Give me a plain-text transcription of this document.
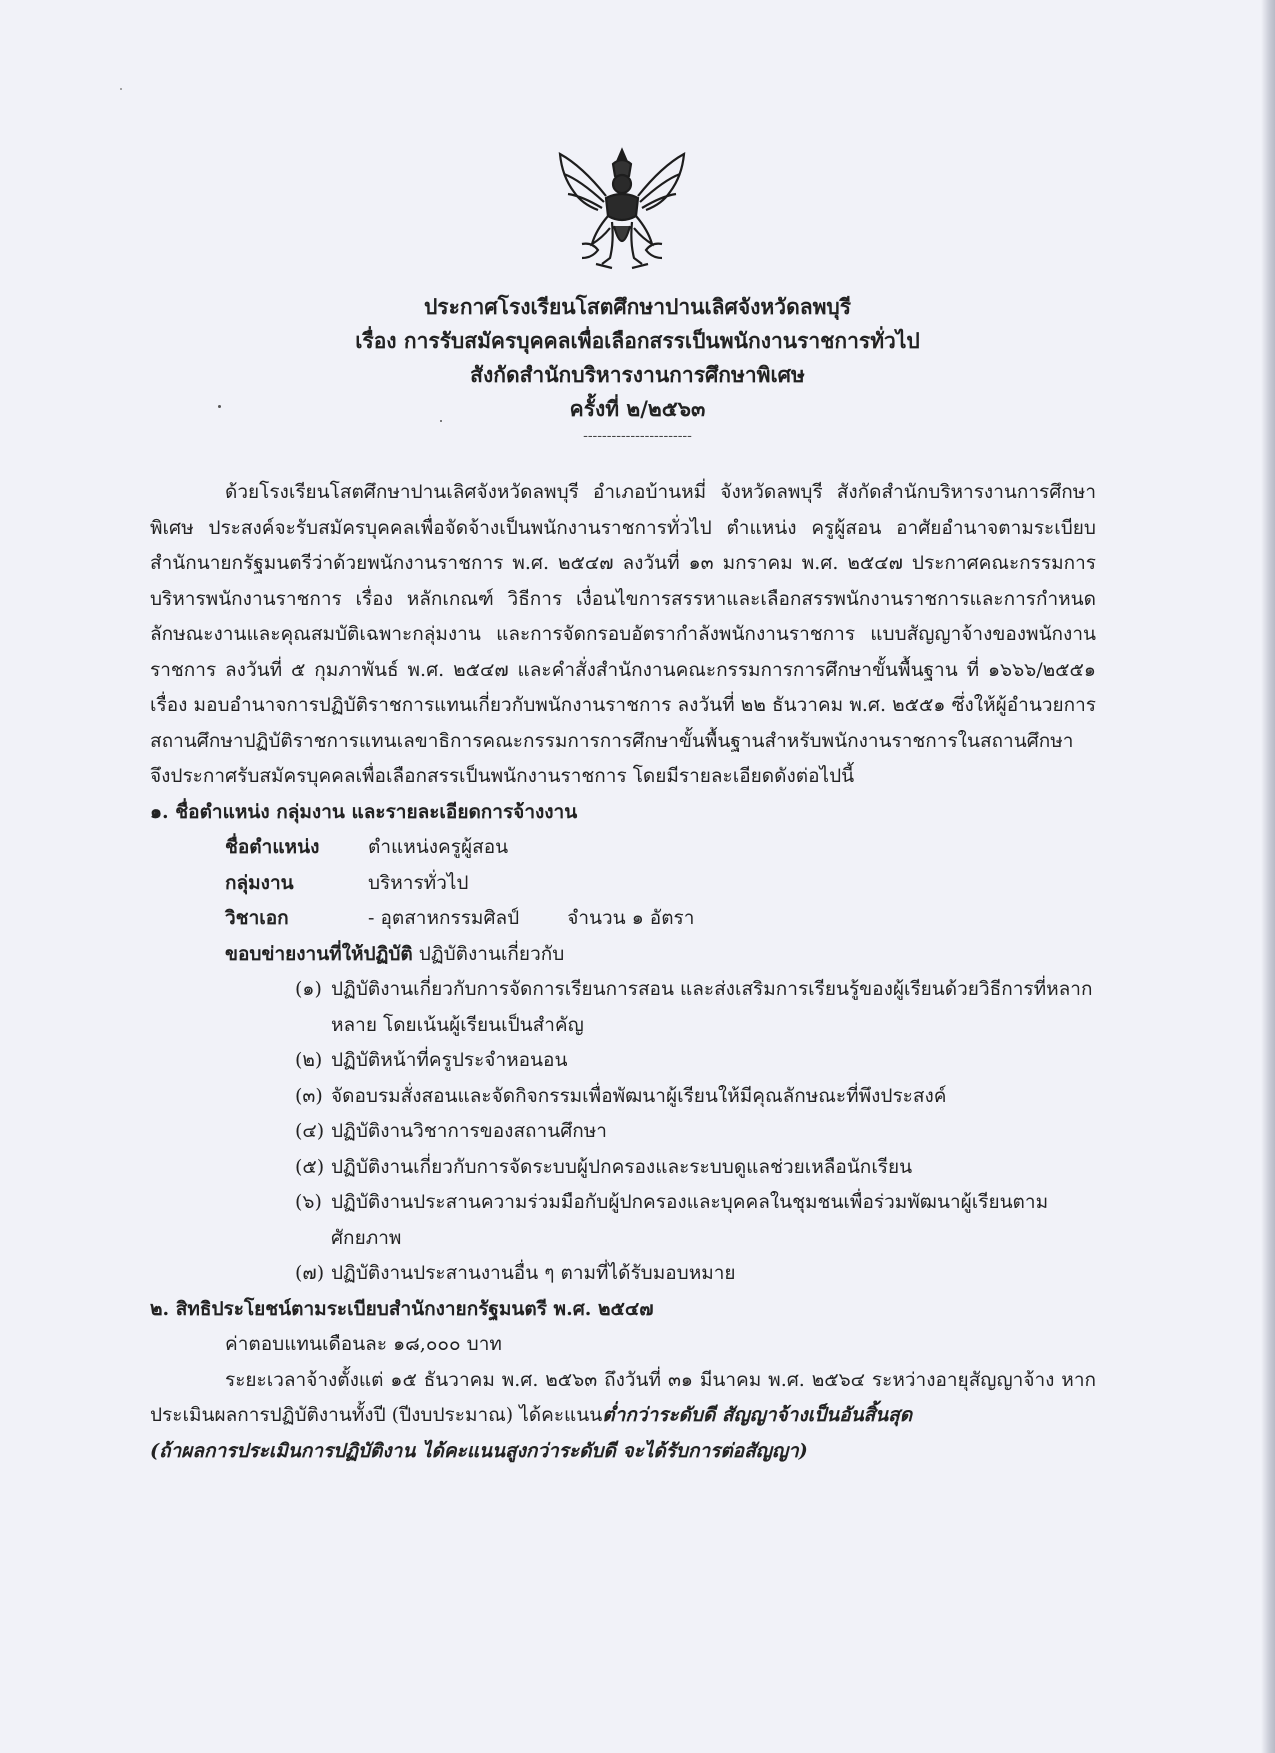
ประกาศโรงเรียนโสตศึกษาปานเลิศจังหวัดลพบุรี
เรื่อง การรับสมัครบุคคลเพื่อเลือกสรรเป็นพนักงานราชการทั่วไป
สังกัดสำนักบริหารงานการศึกษาพิเศษ
ครั้งที่ ๒/๒๕๖๓
-----------------------

ด้วยโรงเรียนโสตศึกษาปานเลิศจังหวัดลพบุรี อำเภอบ้านหมี่ จังหวัดลพบุรี สังกัดสำนักบริหารงานการศึกษาพิเศษ ประสงค์จะรับสมัครบุคคลเพื่อจัดจ้างเป็นพนักงานราชการทั่วไป ตำแหน่ง ครูผู้สอน อาศัยอำนาจตามระเบียบสำนักนายกรัฐมนตรีว่าด้วยพนักงานราชการ พ.ศ. ๒๕๔๗ ลงวันที่ ๑๓ มกราคม พ.ศ. ๒๕๔๗ ประกาศคณะกรรมการบริหารพนักงานราชการ เรื่อง หลักเกณฑ์ วิธีการ เงื่อนไขการสรรหาและเลือกสรรพนักงานราชการและการกำหนดลักษณะงานและคุณสมบัติเฉพาะกลุ่มงาน และการจัดกรอบอัตรากำลังพนักงานราชการ แบบสัญญาจ้างของพนักงานราชการ ลงวันที่ ๕ กุมภาพันธ์ พ.ศ. ๒๕๔๗ และคำสั่งสำนักงานคณะกรรมการการศึกษาขั้นพื้นฐาน ที่ ๑๖๖๖/๒๕๕๑ เรื่อง มอบอำนาจการปฏิบัติราชการแทนเกี่ยวกับพนักงานราชการ ลงวันที่ ๒๒ ธันวาคม พ.ศ. ๒๕๕๑ ซึ่งให้ผู้อำนวยการสถานศึกษาปฏิบัติราชการแทนเลขาธิการคณะกรรมการการศึกษาขั้นพื้นฐานสำหรับพนักงานราชการในสถานศึกษา จึงประกาศรับสมัครบุคคลเพื่อเลือกสรรเป็นพนักงานราชการ โดยมีรายละเอียดดังต่อไปนี้

๑. ชื่อตำแหน่ง กลุ่มงาน และรายละเอียดการจ้างงาน

ชื่อตำแหน่ง	ตำแหน่งครูผู้สอน
กลุ่มงาน	บริหารทั่วไป
วิชาเอก	- อุตสาหกรรมศิลป์	จำนวน ๑ อัตรา
ขอบข่ายงานที่ให้ปฏิบัติ ปฏิบัติงานเกี่ยวกับ
(๑) ปฏิบัติงานเกี่ยวกับการจัดการเรียนการสอน และส่งเสริมการเรียนรู้ของผู้เรียนด้วยวิธีการที่หลากหลาย โดยเน้นผู้เรียนเป็นสำคัญ
(๒) ปฏิบัติหน้าที่ครูประจำหอนอน
(๓) จัดอบรมสั่งสอนและจัดกิจกรรมเพื่อพัฒนาผู้เรียนให้มีคุณลักษณะที่พึงประสงค์
(๔) ปฏิบัติงานวิชาการของสถานศึกษา
(๕) ปฏิบัติงานเกี่ยวกับการจัดระบบผู้ปกครองและระบบดูแลช่วยเหลือนักเรียน
(๖) ปฏิบัติงานประสานความร่วมมือกับผู้ปกครองและบุคคลในชุมชนเพื่อร่วมพัฒนาผู้เรียนตามศักยภาพ
(๗) ปฏิบัติงานประสานงานอื่น ๆ ตามที่ได้รับมอบหมาย

๒. สิทธิประโยชน์ตามระเบียบสำนักงายกรัฐมนตรี พ.ศ. ๒๕๔๗

ค่าตอบแทนเดือนละ ๑๘,๐๐๐ บาท

ระยะเวลาจ้างตั้งแต่ ๑๕ ธันวาคม พ.ศ. ๒๕๖๓ ถึงวันที่ ๓๑ มีนาคม พ.ศ. ๒๕๖๔ ระหว่างอายุสัญญาจ้าง หากประเมินผลการปฏิบัติงานทั้งปี (ปีงบประมาณ) ได้คะแนนต่ำกว่าระดับดี สัญญาจ้างเป็นอันสิ้นสุด

(ถ้าผลการประเมินการปฏิบัติงาน ได้คะแนนสูงกว่าระดับดี จะได้รับการต่อสัญญา)
